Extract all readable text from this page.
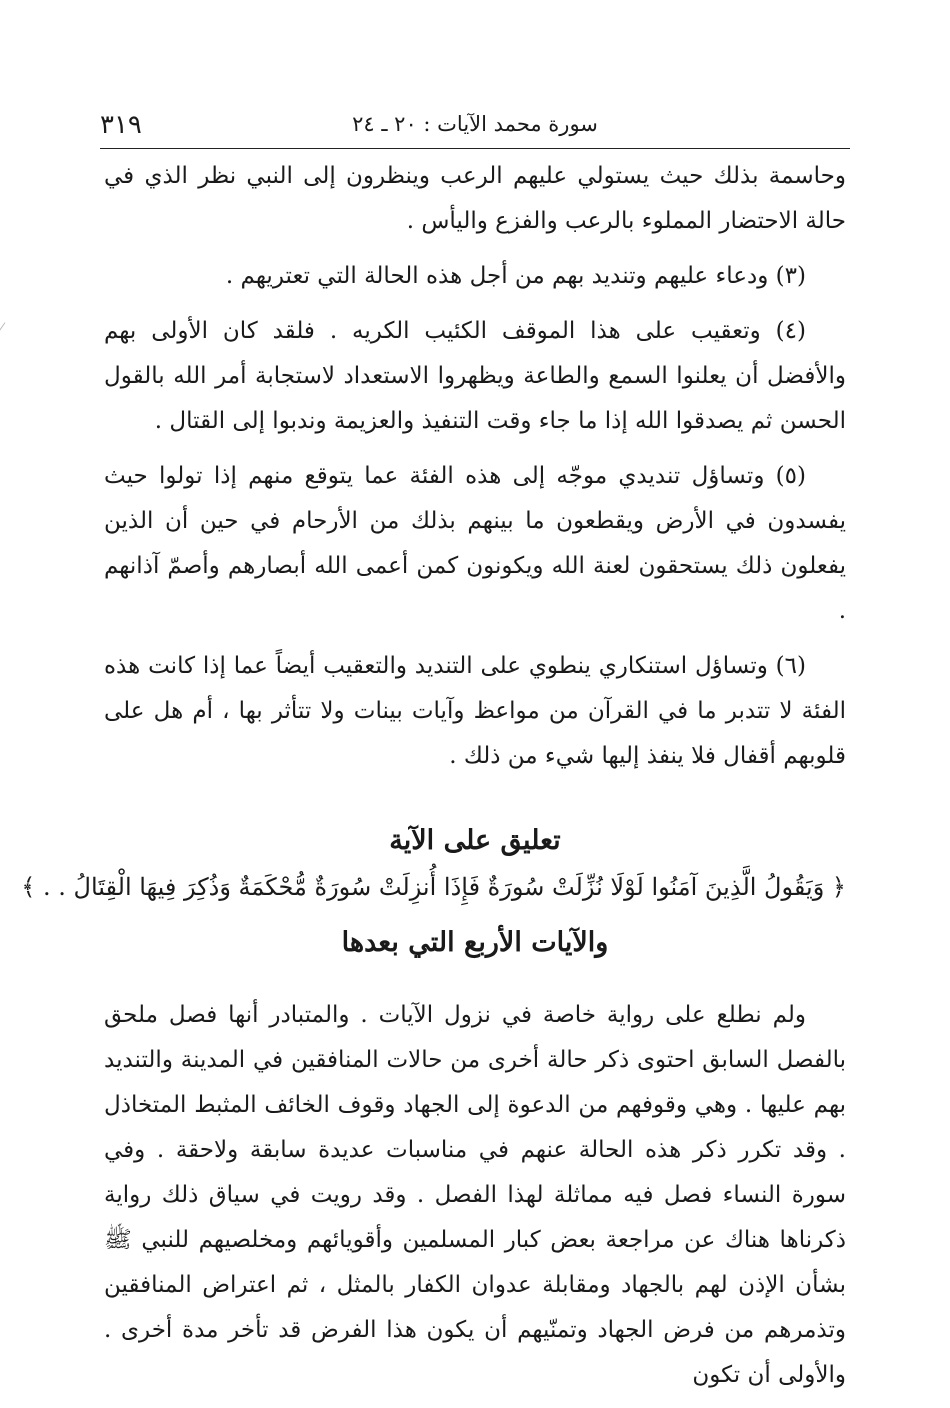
٣١٩	سورة محمد الآيات : ٢٠ ـ ٢٤

وحاسمة بذلك حيث يستولي عليهم الرعب وينظرون إلى النبي نظر الذي في حالة الاحتضار المملوء بالرعب والفزع واليأس .

(٣) ودعاء عليهم وتنديد بهم من أجل هذه الحالة التي تعتريهم .

(٤) وتعقيب على هذا الموقف الكئيب الكريه . فلقد كان الأولى بهم والأفضل أن يعلنوا السمع والطاعة ويظهروا الاستعداد لاستجابة أمر الله بالقول الحسن ثم يصدقوا الله إذا ما جاء وقت التنفيذ والعزيمة وندبوا إلى القتال .

(٥) وتساؤل تنديدي موجّه إلى هذه الفئة عما يتوقع منهم إذا تولوا حيث يفسدون في الأرض ويقطعون ما بينهم بذلك من الأرحام في حين أن الذين يفعلون ذلك يستحقون لعنة الله ويكونون كمن أعمى الله أبصارهم وأصمّ آذانهم .

(٦) وتساؤل استنكاري ينطوي على التنديد والتعقيب أيضاً عما إذا كانت هذه الفئة لا تتدبر ما في القرآن من مواعظ وآيات بينات ولا تتأثر بها ، أم هل على قلوبهم أقفال فلا ينفذ إليها شيء من ذلك .

تعليق على الآية

﴿ وَيَقُولُ الَّذِينَ آمَنُوا لَوْلَا نُزِّلَتْ سُورَةٌ فَإِذَا أُنزِلَتْ سُورَةٌ مُّحْكَمَةٌ وَذُكِرَ فِيهَا الْقِتَالُ . . ﴾

والآيات الأربع التي بعدها

ولم نطلع على رواية خاصة في نزول الآيات . والمتبادر أنها فصل ملحق بالفصل السابق احتوى ذكر حالة أخرى من حالات المنافقين في المدينة والتنديد بهم عليها . وهي وقوفهم من الدعوة إلى الجهاد وقوف الخائف المثبط المتخاذل . وقد تكرر ذكر هذه الحالة عنهم في مناسبات عديدة سابقة ولاحقة . وفي سورة النساء فصل فيه مماثلة لهذا الفصل . وقد رويت في سياق ذلك رواية ذكرناها هناك عن مراجعة بعض كبار المسلمين وأقويائهم ومخلصيهم للنبي ﷺ بشأن الإذن لهم بالجهاد ومقابلة عدوان الكفار بالمثل ، ثم اعتراض المنافقين وتذمرهم من فرض الجهاد وتمنّيهم أن يكون هذا الفرض قد تأخر مدة أخرى . والأولى أن تكون
